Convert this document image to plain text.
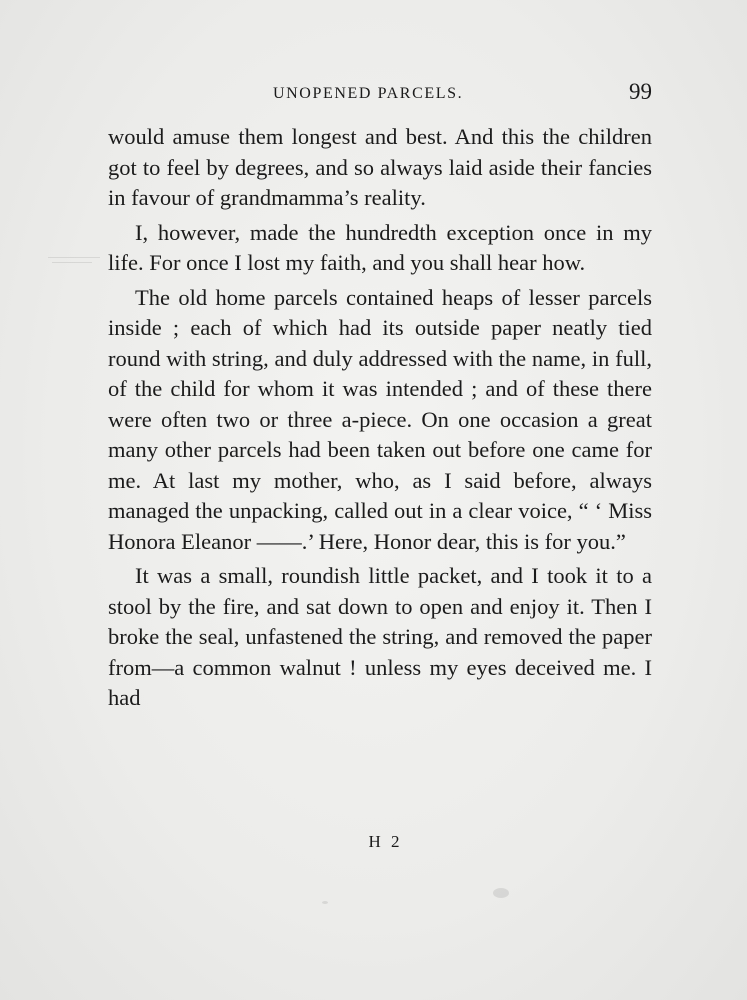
UNOPENED PARCELS.	99

would amuse them longest and best. And this the children got to feel by degrees, and so always laid aside their fancies in favour of grandmamma’s reality.

I, however, made the hundredth exception once in my life. For once I lost my faith, and you shall hear how.

The old home parcels contained heaps of lesser parcels inside ; each of which had its outside paper neatly tied round with string, and duly addressed with the name, in full, of the child for whom it was intended ; and of these there were often two or three a-piece. On one occasion a great many other parcels had been taken out before one came for me. At last my mother, who, as I said before, always managed the unpacking, called out in a clear voice, “ ‘ Miss Honora Eleanor ——.’ Here, Honor dear, this is for you.”

It was a small, roundish little packet, and I took it to a stool by the fire, and sat down to open and enjoy it. Then I broke the seal, unfastened the string, and removed the paper from—a common walnut ! unless my eyes deceived me. I had

H 2
